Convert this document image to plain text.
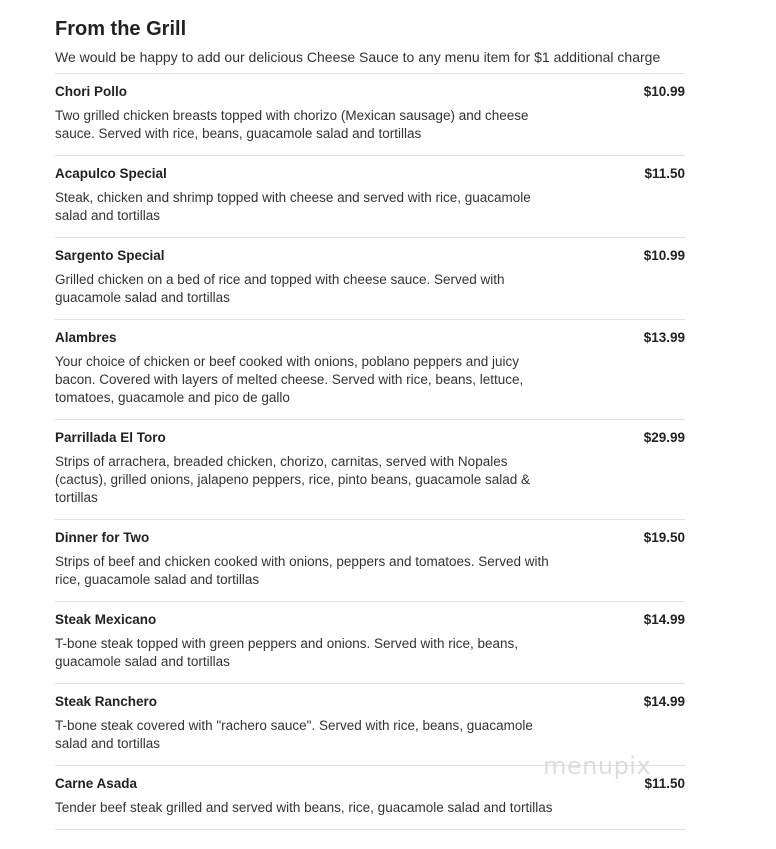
From the Grill
We would be happy to add our delicious Cheese Sauce to any menu item for $1 additional charge
Chori Pollo	$10.99
Two grilled chicken breasts topped with chorizo (Mexican sausage) and cheese sauce. Served with rice, beans, guacamole salad and tortillas
Acapulco Special	$11.50
Steak, chicken and shrimp topped with cheese and served with rice, guacamole salad and tortillas
Sargento Special	$10.99
Grilled chicken on a bed of rice and topped with cheese sauce. Served with guacamole salad and tortillas
Alambres	$13.99
Your choice of chicken or beef cooked with onions, poblano peppers and juicy bacon. Covered with layers of melted cheese. Served with rice, beans, lettuce, tomatoes, guacamole and pico de gallo
Parrillada El Toro	$29.99
Strips of arrachera, breaded chicken, chorizo, carnitas, served with Nopales (cactus), grilled onions, jalapeno peppers, rice, pinto beans, guacamole salad & tortillas
Dinner for Two	$19.50
Strips of beef and chicken cooked with onions, peppers and tomatoes. Served with rice, guacamole salad and tortillas
Steak Mexicano	$14.99
T-bone steak topped with green peppers and onions. Served with rice, beans, guacamole salad and tortillas
Steak Ranchero	$14.99
T-bone steak covered with "rachero sauce". Served with rice, beans, guacamole salad and tortillas
Carne Asada	$11.50
Tender beef steak grilled and served with beans, rice, guacamole salad and tortillas
menupix
